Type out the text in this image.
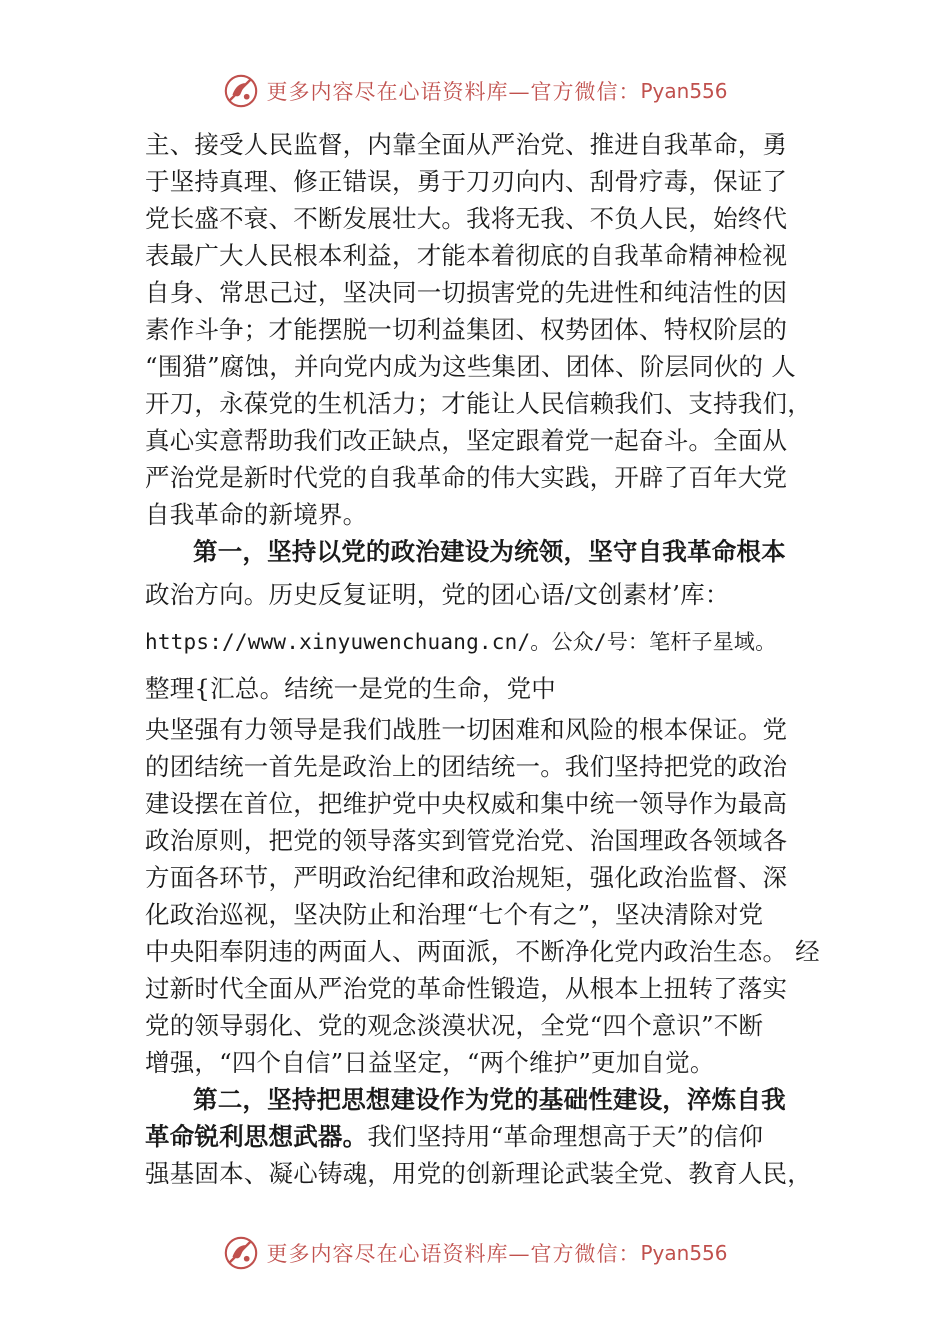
更多内容尽在心语资料库—官方微信： Pyan556
主、接受人民监督，内靠全面从严治党、推进自我革命，勇
于坚持真理、修正错误，勇于刀刃向内、刮骨疗毒，保证了
党长盛不衰、不断发展壮大。我将无我、不负人民，始终代
表最广大人民根本利益，才能本着彻底的自我革命精神检视
自身、常思己过，坚决同一切损害党的先进性和纯洁性的因
素作斗争；才能摆脱一切利益集团、权势团体、特权阶层的
“围猎”腐蚀，并向党内成为这些集团、团体、阶层同伙的 人
开刀，永葆党的生机活力；才能让人民信赖我们、支持我们，
真心实意帮助我们改正缺点，坚定跟着党一起奋斗。全面从
严治党是新时代党的自我革命的伟大实践，开辟了百年大党
自我革命的新境界。
第一，坚持以党的政治建设为统领，坚守自我革命根本
政治方向。历史反复证明，党的团心语/文创素材’库：
https://www.xinyuwenchuang.cn/。公众/号：笔杆子星域。
整理{汇总。结统一是党的生命，党中
央坚强有力领导是我们战胜一切困难和风险的根本保证。党
的团结统一首先是政治上的团结统一。我们坚持把党的政治
建设摆在首位，把维护党中央权威和集中统一领导作为最高
政治原则，把党的领导落实到管党治党、治国理政各领域各
方面各环节，严明政治纪律和政治规矩，强化政治监督、深
化政治巡视，坚决防止和治理“七个有之”，坚决清除对党
中央阳奉阴违的两面人、两面派，不断净化党内政治生态。 经
过新时代全面从严治党的革命性锻造，从根本上扭转了落实
党的领导弱化、党的观念淡漠状况，全党“四个意识”不断
增强，“四个自信”日益坚定，“两个维护”更加自觉。
第二，坚持把思想建设作为党的基础性建设，淬炼自我
革命锐利思想武器。我们坚持用“革命理想高于天”的信仰
强基固本、凝心铸魂，用党的创新理论武装全党、教育人民，
更多内容尽在心语资料库—官方微信： Pyan556
